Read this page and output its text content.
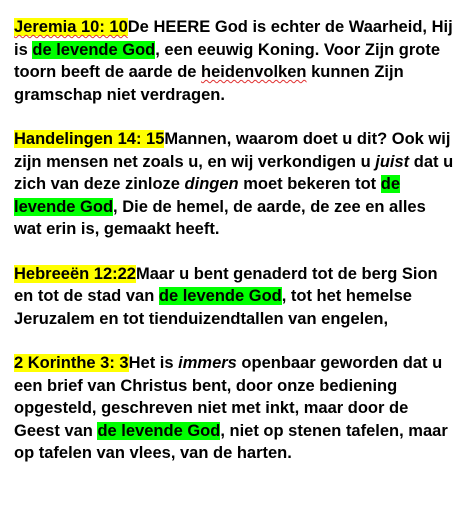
Jeremia 10: 10De HEERE God is echter de Waarheid, Hij is de levende God, een eeuwig Koning. Voor Zijn grote toorn beeft de aarde de heidenvolken kunnen Zijn gramschap niet verdragen.

Handelingen 14: 15Mannen, waarom doet u dit? Ook wij zijn mensen net zoals u, en wij verkondigen u juist dat u zich van deze zinloze dingen moet bekeren tot de levende God, Die de hemel, de aarde, de zee en alles wat erin is, gemaakt heeft.

Hebreeën 12:22Maar u bent genaderd tot de berg Sion en tot de stad van de levende God, tot het hemelse Jeruzalem en tot tienduizendtallen van engelen,

2 Korinthe 3: 3Het is immers openbaar geworden dat u een brief van Christus bent, door onze bediening opgesteld, geschreven niet met inkt, maar door de Geest van de levende God, niet op stenen tafelen, maar op tafelen van vlees, van de harten.
